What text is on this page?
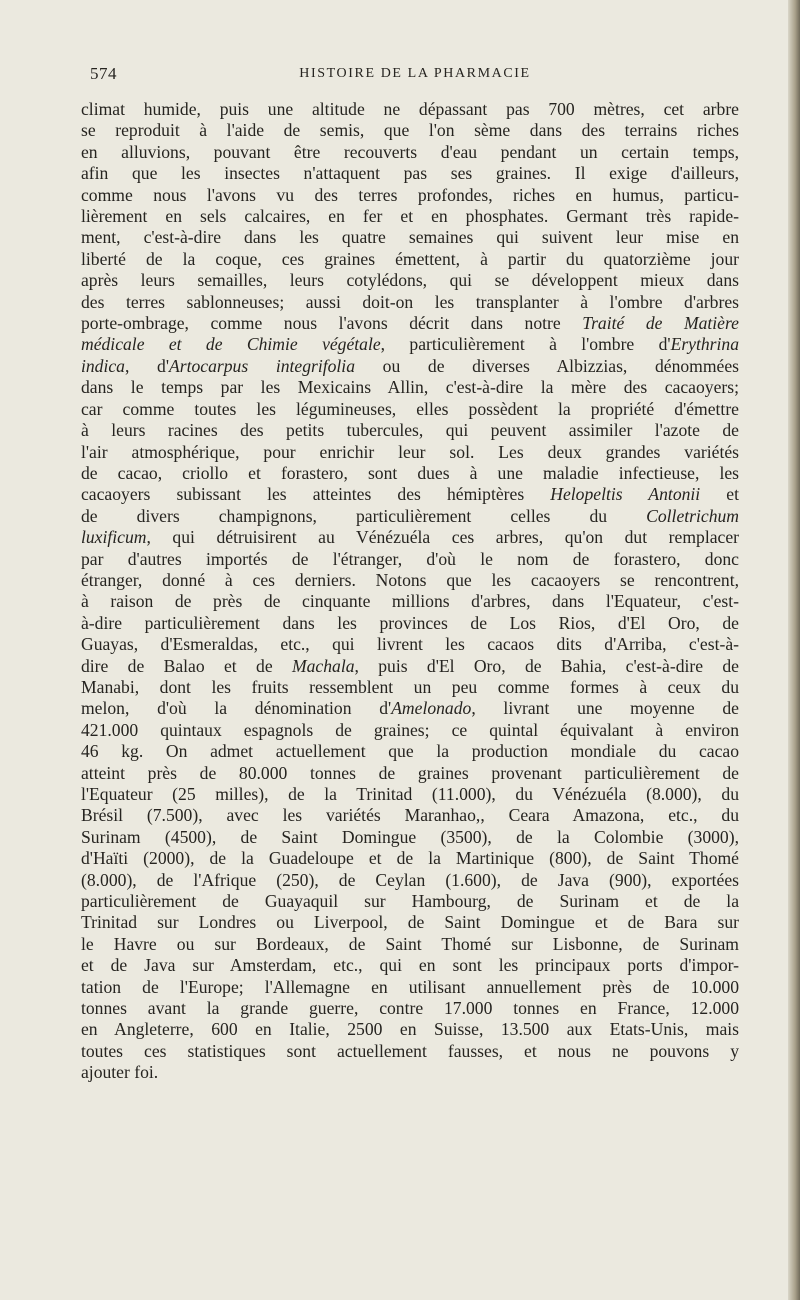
574	HISTOIRE DE LA PHARMACIE
climat humide, puis une altitude ne dépassant pas 700 mètres, cet arbre
se reproduit à l'aide de semis, que l'on sème dans des terrains riches
en alluvions, pouvant être recouverts d'eau pendant un certain temps,
afin que les insectes n'attaquent pas ses graines. Il exige d'ailleurs,
comme nous l'avons vu des terres profondes, riches en humus, particu-
lièrement en sels calcaires, en fer et en phosphates. Germant très rapide-
ment, c'est-à-dire dans les quatre semaines qui suivent leur mise en
liberté de la coque, ces graines émettent, à partir du quatorzième jour
après leurs semailles, leurs cotylédons, qui se développent mieux dans
des terres sablonneuses; aussi doit-on les transplanter à l'ombre d'arbres
porte-ombrage, comme nous l'avons décrit dans notre Traité de Matière
médicale et de Chimie végétale, particulièrement à l'ombre d'Erythrina
indica, d'Artocarpus integrifolia ou de diverses Albizzias, dénommées
dans le temps par les Mexicains Allin, c'est-à-dire la mère des cacaoyers;
car comme toutes les légumineuses, elles possèdent la propriété d'émettre
à leurs racines des petits tubercules, qui peuvent assimiler l'azote de
l'air atmosphérique, pour enrichir leur sol. Les deux grandes variétés
de cacao, criollo et forastero, sont dues à une maladie infectieuse, les
cacaoyers subissant les atteintes des hémiptères Helopeltis Antonii et
de divers champignons, particulièrement celles du Colletrichum
luxificum, qui détruisirent au Vénézuéla ces arbres, qu'on dut remplacer
par d'autres importés de l'étranger, d'où le nom de forastero, donc
étranger, donné à ces derniers. Notons que les cacaoyers se rencontrent,
à raison de près de cinquante millions d'arbres, dans l'Equateur, c'est-
à-dire particulièrement dans les provinces de Los Rios, d'El Oro, de
Guayas, d'Esmeraldas, etc., qui livrent les cacaos dits d'Arriba, c'est-à-
dire de Balao et de Machala, puis d'El Oro, de Bahia, c'est-à-dire de
Manabi, dont les fruits ressemblent un peu comme formes à ceux du
melon, d'où la dénomination d'Amelonado, livrant une moyenne de
421.000 quintaux espagnols de graines; ce quintal équivalant à environ
46 kg. On admet actuellement que la production mondiale du cacao
atteint près de 80.000 tonnes de graines provenant particulièrement de
l'Equateur (25 milles), de la Trinitad (11.000), du Vénézuéla (8.000), du
Brésil (7.500), avec les variétés Maranhao,, Ceara Amazona, etc., du
Surinam (4500), de Saint Domingue (3500), de la Colombie (3000),
d'Haïti (2000), de la Guadeloupe et de la Martinique (800), de Saint Thomé
(8.000), de l'Afrique (250), de Ceylan (1.600), de Java (900), exportées
particulièrement de Guayaquil sur Hambourg, de Surinam et de la
Trinitad sur Londres ou Liverpool, de Saint Domingue et de Bara sur
le Havre ou sur Bordeaux, de Saint Thomé sur Lisbonne, de Surinam
et de Java sur Amsterdam, etc., qui en sont les principaux ports d'impor-
tation de l'Europe; l'Allemagne en utilisant annuellement près de 10.000
tonnes avant la grande guerre, contre 17.000 tonnes en France, 12.000
en Angleterre, 600 en Italie, 2500 en Suisse, 13.500 aux Etats-Unis, mais
toutes ces statistiques sont actuellement fausses, et nous ne pouvons y
ajouter foi.
